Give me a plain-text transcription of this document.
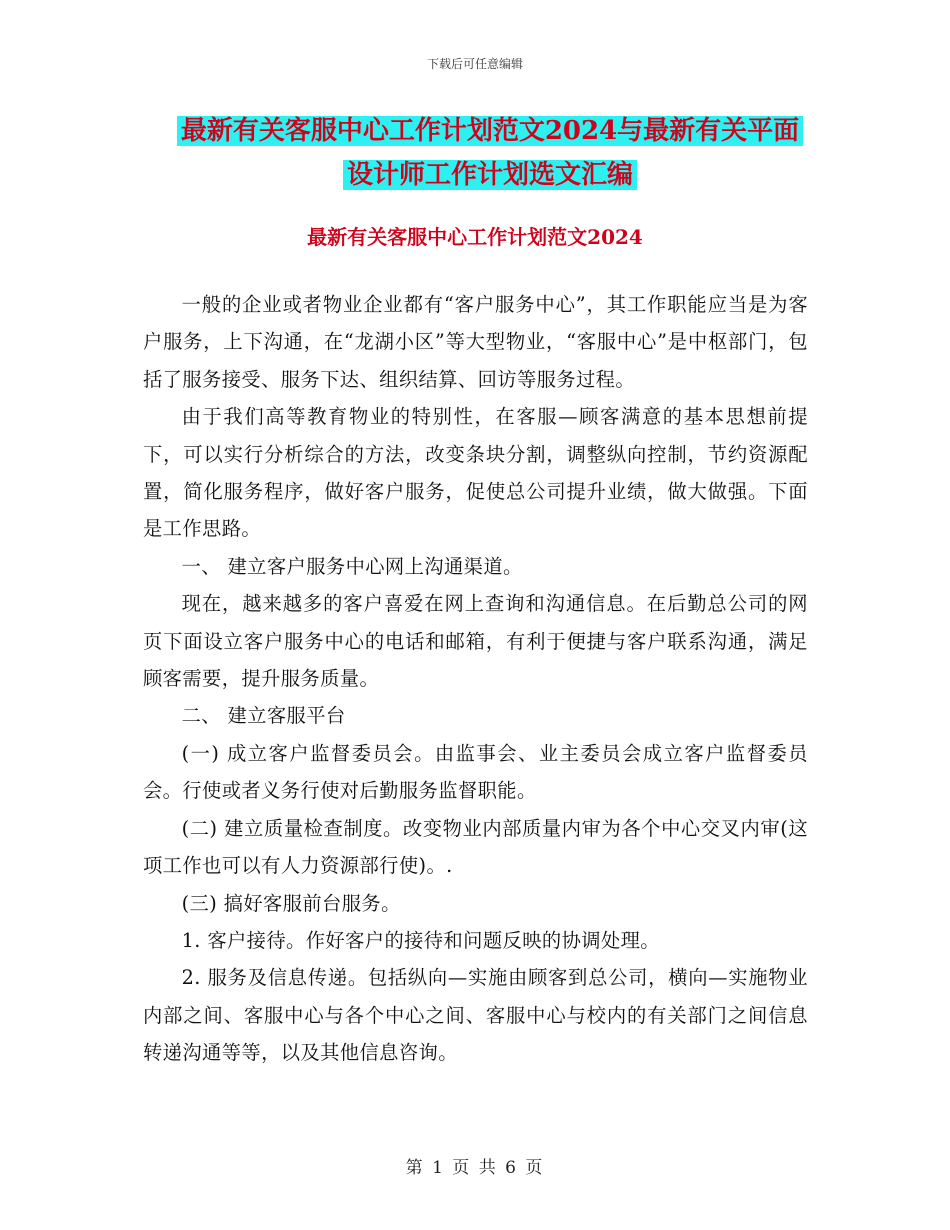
下载后可任意编辑
最新有关客服中心工作计划范文2024与最新有关平面
设计师工作计划选文汇编
最新有关客服中心工作计划范文2024

一般的企业或者物业企业都有“客户服务中心”，其工作职能应当是为客户服务，上下沟通，在“龙湖小区”等大型物业，“客服中心”是中枢部门，包括了服务接受、服务下达、组织结算、回访等服务过程。

由于我们高等教育物业的特别性，在客服—顾客满意的基本思想前提下，可以实行分析综合的方法，改变条块分割，调整纵向控制，节约资源配置，简化服务程序，做好客户服务，促使总公司提升业绩，做大做强。下面是工作思路。

一、 建立客户服务中心网上沟通渠道。

现在，越来越多的客户喜爱在网上查询和沟通信息。在后勤总公司的网页下面设立客户服务中心的电话和邮箱，有利于便捷与客户联系沟通，满足顾客需要，提升服务质量。

二、 建立客服平台

(一) 成立客户监督委员会。由监事会、业主委员会成立客户监督委员会。行使或者义务行使对后勤服务监督职能。

(二) 建立质量检查制度。改变物业内部质量内审为各个中心交叉内审(这项工作也可以有人力资源部行使)。.

(三) 搞好客服前台服务。

1. 客户接待。作好客户的接待和问题反映的协调处理。

2. 服务及信息传递。包括纵向—实施由顾客到总公司，横向—实施物业内部之间、客服中心与各个中心之间、客服中心与校内的有关部门之间信息转递沟通等等，以及其他信息咨询。

第 1 页 共 6 页
